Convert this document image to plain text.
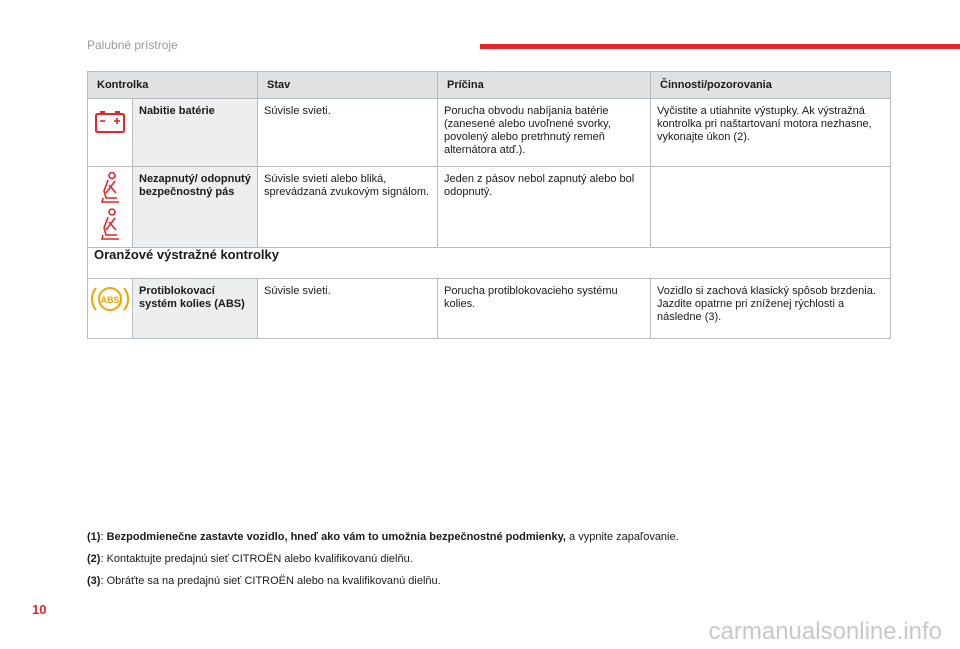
Palubné prístroje
Kontrolka		Stav	Príčina	Činnosti/pozorovania
	Nabitie batérie	Súvisle svieti.	Porucha obvodu nabíjania batérie (zanesené alebo uvoľnené svorky, povolený alebo pretrhnutý remeň alternátora atď.).	Vyčistite a utiahnite výstupky. Ak výstražná kontrolka pri naštartovaní motora nezhasne, vykonajte úkon (2).
	Nezapnutý/ odopnutý bezpečnostný pás	Súvisle svieti alebo bliká, sprevádzaná zvukovým signálom.	Jeden z pásov nebol zapnutý alebo bol odopnutý.	
Oranžové výstražné kontrolky				

ABS	Protiblokovací systém kolies (ABS)	Súvisle svieti.	Porucha protiblokovacieho systému kolies.	Vozidlo si zachová klasický spôsob brzdenia. Jazdite opatrne pri zníženej rýchlosti a následne (3).

(1): Bezpodmienečne zastavte vozidlo, hneď ako vám to umožnia bezpečnostné podmienky, a vypnite zapaľovanie.

(2): Kontaktujte predajnú sieť CITROËN alebo kvalifikovanú dielňu.

(3): Obráťte sa na predajnú sieť CITROËN alebo na kvalifikovanú dielňu.

10
carmanualsonline.info
